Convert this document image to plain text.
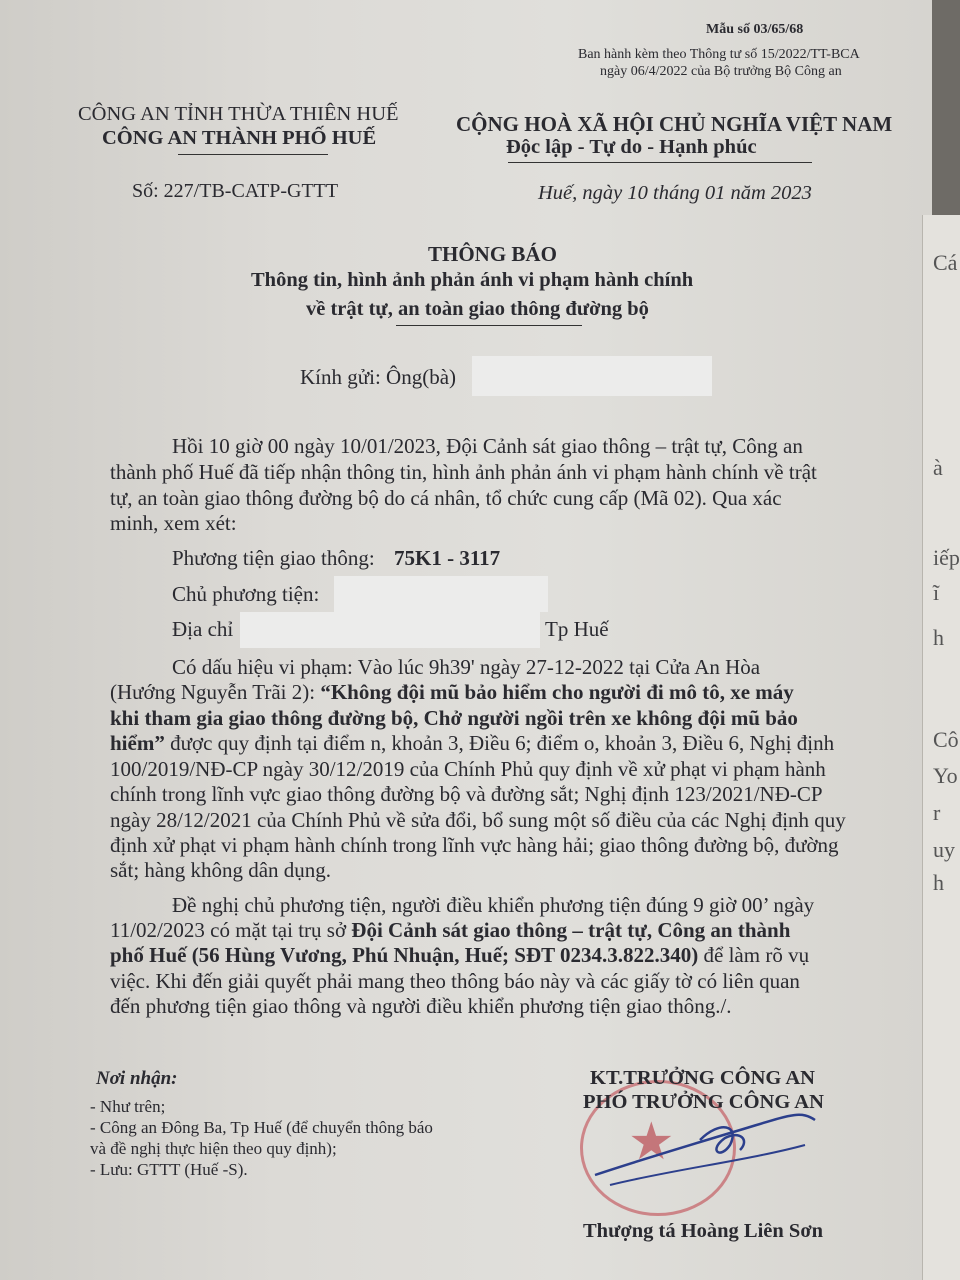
Cá
à
iếp
ĩ
h
Cô
Yo
r
uy
h
Mẫu số 03/65/68
Ban hành kèm theo Thông tư số 15/2022/TT-BCA
ngày 06/4/2022 của Bộ trưởng Bộ Công an
CÔNG AN TỈNH THỪA THIÊN HUẾ
CÔNG AN THÀNH PHỐ HUẾ
Số: 227/TB-CATP-GTTT
CỘNG HOÀ XÃ HỘI CHỦ NGHĨA VIỆT NAM
Độc lập - Tự do - Hạnh phúc
Huế, ngày 10 tháng 01 năm 2023
THÔNG BÁO
Thông tin, hình ảnh phản ánh vi phạm hành chính
về trật tự, an toàn giao thông đường bộ
Kính gửi: Ông(bà)
Hồi 10 giờ 00 ngày 10/01/2023, Đội Cảnh sát giao thông – trật tự, Công an
thành phố Huế đã tiếp nhận thông tin, hình ảnh phản ánh vi phạm hành chính về trật
tự, an toàn giao thông đường bộ do cá nhân, tổ chức cung cấp (Mã 02). Qua xác
minh, xem xét:
Phương tiện giao thông: 75K1 - 3117
Chủ phương tiện:
Địa chỉ	Tp Huế
Có dấu hiệu vi phạm: Vào lúc 9h39' ngày 27-12-2022 tại Cửa An Hòa
(Hướng Nguyễn Trãi 2): “Không đội mũ bảo hiểm cho người đi mô tô, xe máy
khi tham gia giao thông đường bộ, Chở người ngồi trên xe không đội mũ bảo
hiểm” được quy định tại điểm n, khoản 3, Điều 6; điểm o, khoản 3, Điều 6, Nghị định
100/2019/NĐ-CP ngày 30/12/2019 của Chính Phủ quy định về xử phạt vi phạm hành
chính trong lĩnh vực giao thông đường bộ và đường sắt; Nghị định 123/2021/NĐ-CP
ngày 28/12/2021 của Chính Phủ về sửa đổi, bổ sung một số điều của các Nghị định quy
định xử phạt vi phạm hành chính trong lĩnh vực hàng hải; giao thông đường bộ, đường
sắt; hàng không dân dụng.
Đề nghị chủ phương tiện, người điều khiển phương tiện đúng 9 giờ 00’ ngày
11/02/2023 có mặt tại trụ sở Đội Cảnh sát giao thông – trật tự, Công an thành
phố Huế (56 Hùng Vương, Phú Nhuận, Huế; SĐT 0234.3.822.340) để làm rõ vụ
việc. Khi đến giải quyết phải mang theo thông báo này và các giấy tờ có liên quan
đến phương tiện giao thông và người điều khiển phương tiện giao thông./.
Nơi nhận:
- Như trên;
- Công an Đông Ba, Tp Huế (để chuyển thông báo
và đề nghị thực hiện theo quy định);
- Lưu: GTTT (Huế -S).	★
KT.TRƯỞNG CÔNG AN
PHÓ TRƯỞNG CÔNG AN
Thượng tá Hoàng Liên Sơn
